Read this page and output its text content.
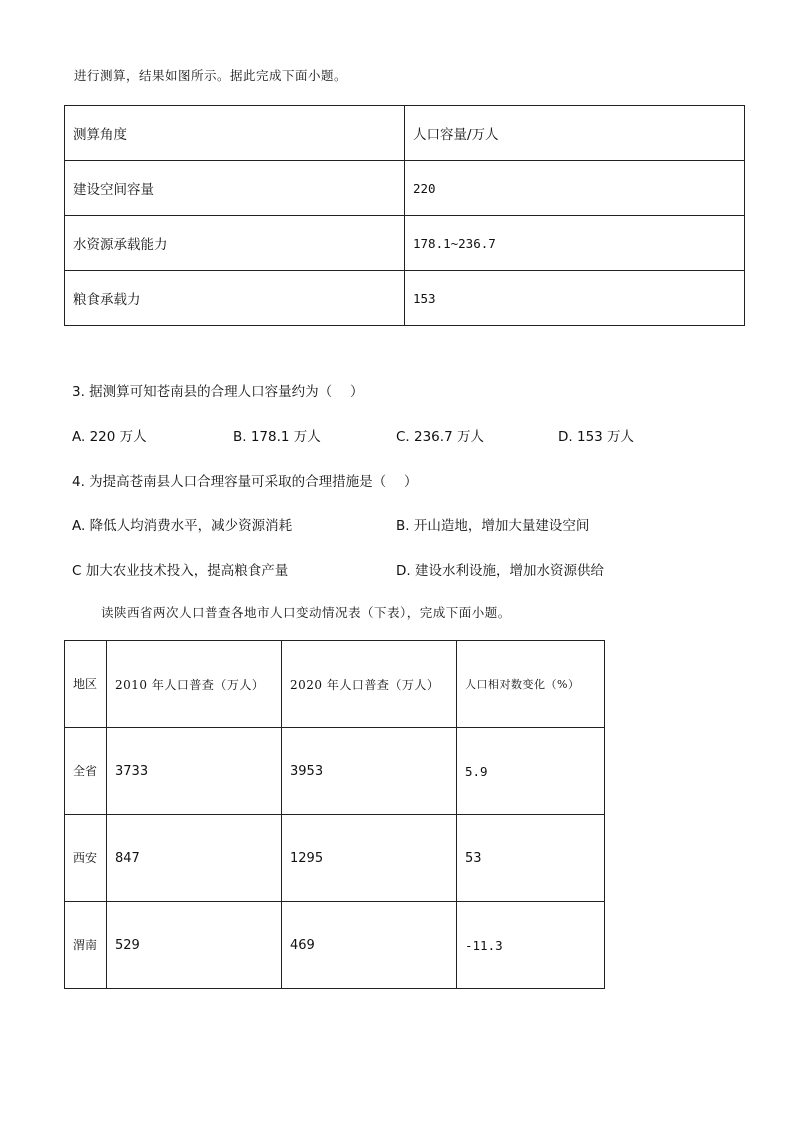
进行测算，结果如图所示。据此完成下面小题。
测算角度	人口容量/万人
建设空间容量	220
水资源承载能力	178.1~236.7
粮食承载力	153
3. 据测算可知苍南县的合理人口容量约为（　 ）
A. 220 万人	B. 178.1 万人	C. 236.7 万人	D. 153 万人
4. 为提高苍南县人口合理容量可采取的合理措施是（　 ）
A. 降低人均消费水平，减少资源消耗	B. 开山造地，增加大量建设空间
C 加大农业技术投入，提高粮食产量	D. 建设水利设施，增加水资源供给
读陕西省两次人口普查各地市人口变动情况表（下表），完成下面小题。
地区	2010 年人口普查（万人）	2020 年人口普查（万人）	人口相对数变化（%）
全省	3733	3953	5.9
西安	847	1295	53
渭南	529	469	-11.3
